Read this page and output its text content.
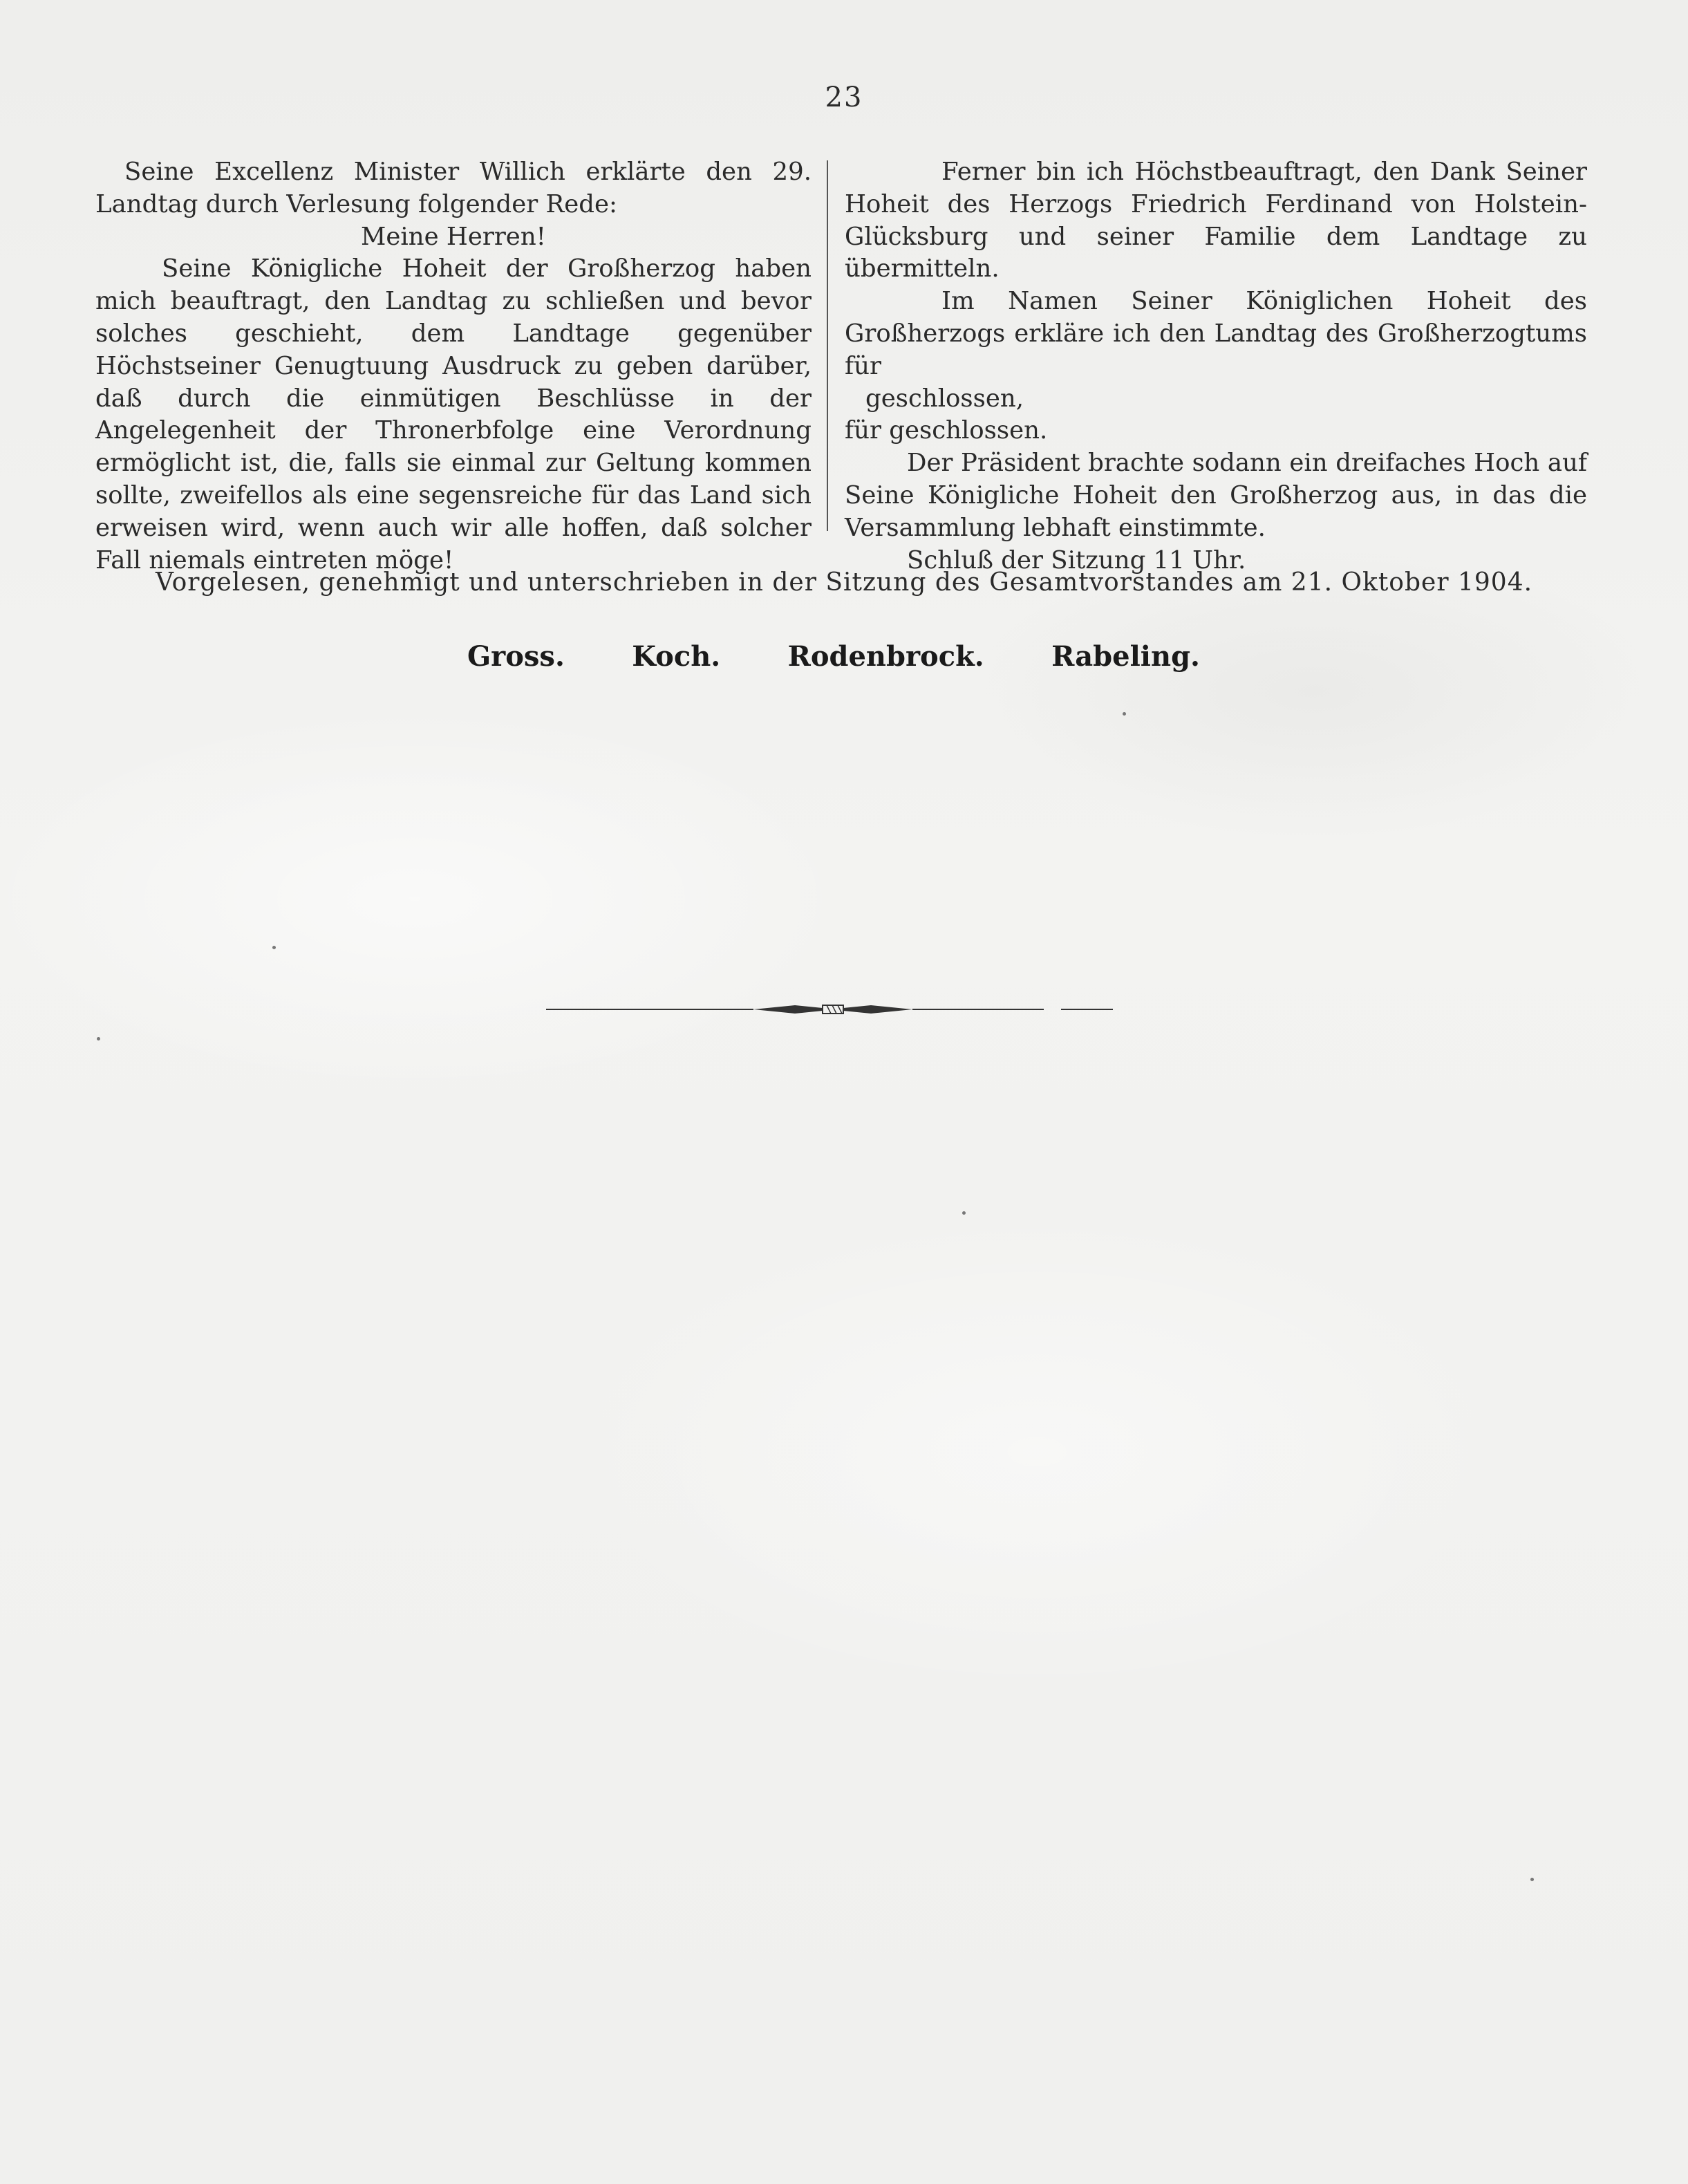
23

Seine Excellenz Minister Willich erklärte den 29. Landtag durch Verlesung folgender Rede:

Meine Herren!

Seine Königliche Hoheit der Großherzog haben mich beauftragt, den Landtag zu schließen und bevor solches geschieht, dem Landtage gegenüber Höchstseiner Genugtuung Ausdruck zu geben darüber, daß durch die einmütigen Beschlüsse in der Angelegenheit der Thronerbfolge eine Verordnung ermöglicht ist, die, falls sie einmal zur Geltung kommen sollte, zweifellos als eine segensreiche für das Land sich erweisen wird, wenn auch wir alle hoffen, daß solcher Fall niemals eintreten möge!

Ferner bin ich Höchstbeauftragt, den Dank Seiner Hoheit des Herzogs Friedrich Ferdinand von Holstein-Glücksburg und seiner Familie dem Landtage zu übermitteln.

Im Namen Seiner Königlichen Hoheit des Großherzogs erkläre ich den Landtag des Großherzogtums für

geschlossen,

für geschlossen.

Der Präsident brachte sodann ein dreifaches Hoch auf Seine Königliche Hoheit den Großherzog aus, in das die Versammlung lebhaft einstimmte.

Schluß der Sitzung 11 Uhr.

Vorgelesen, genehmigt und unterschrieben in der Sitzung des Gesamtvorstandes am 21. Oktober 1904.
Gross. Koch. Rodenbrock. Rabeling.
